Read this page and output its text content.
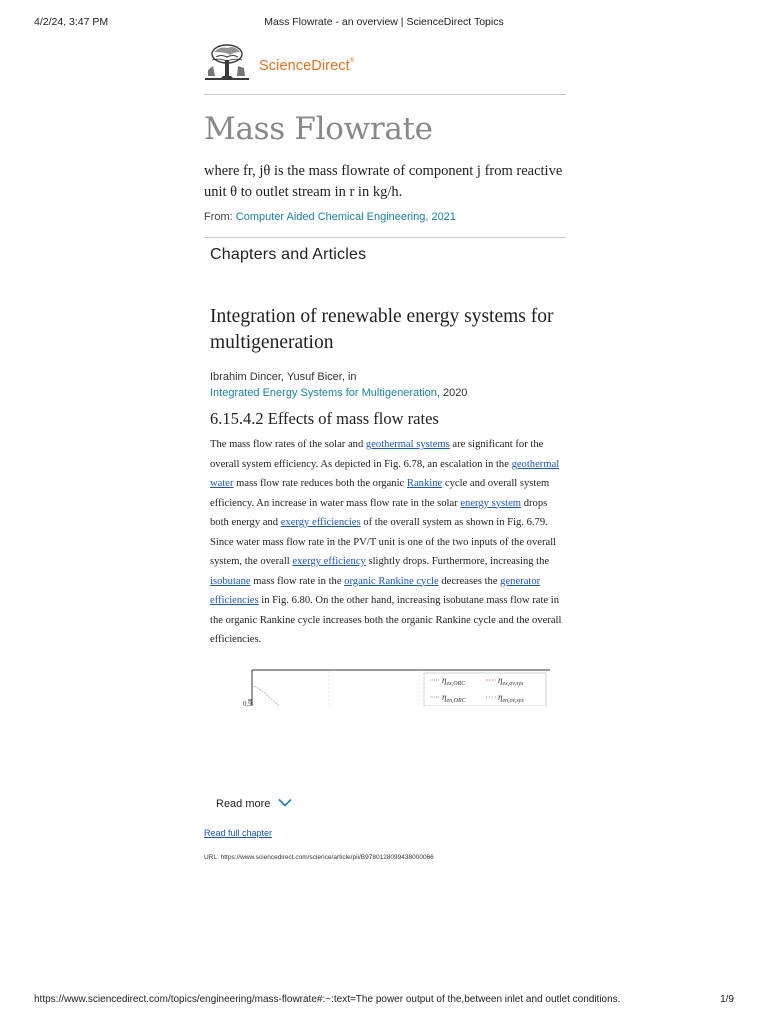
4/2/24, 3:47 PM	Mass Flowrate - an overview | ScienceDirect Topics
ScienceDirect®
Mass Flowrate

where fr, jθ is the mass flowrate of component j from reactive unit θ to outlet stream in r in kg/h.

From: Computer Aided Chemical Engineering, 2021

Chapters and Articles
Integration of renewable energy systems for multigeneration

Ibrahim Dincer, Yusuf Bicer, in

Integrated Energy Systems for Multigeneration, 2020

6.15.4.2 Effects of mass flow rates

The mass flow rates of the solar and geothermal systems are significant for the overall system efficiency. As depicted in Fig. 6.78, an escalation in the geothermal water mass flow rate reduces both the organic Rankine cycle and overall system efficiency. An increase in water mass flow rate in the solar energy system drops both energy and exergy efficiencies of the overall system as shown in Fig. 6.79. Since water mass flow rate in the PV/T unit is one of the two inputs of the overall system, the overall exergy efficiency slightly drops. Furthermore, increasing the isobutane mass flow rate in the organic Rankine cycle decreases the generator efficiencies in Fig. 6.80. On the other hand, increasing isobutane mass flow rate in the organic Rankine cycle increases both the organic Rankine cycle and the overall efficiencies.

0.9
$\eta_{ex,ORC}$	$\eta_{ex,ov,sys}$
$\eta_{en,ORC}$	$\eta_{en,ov,sys}$
Read more

Read full chapter

URL: https://www.sciencedirect.com/science/article/pii/B9780128099438000066

https://www.sciencedirect.com/topics/engineering/mass-flowrate#:~:text=The power output of the,between inlet and outlet conditions.	1/9
